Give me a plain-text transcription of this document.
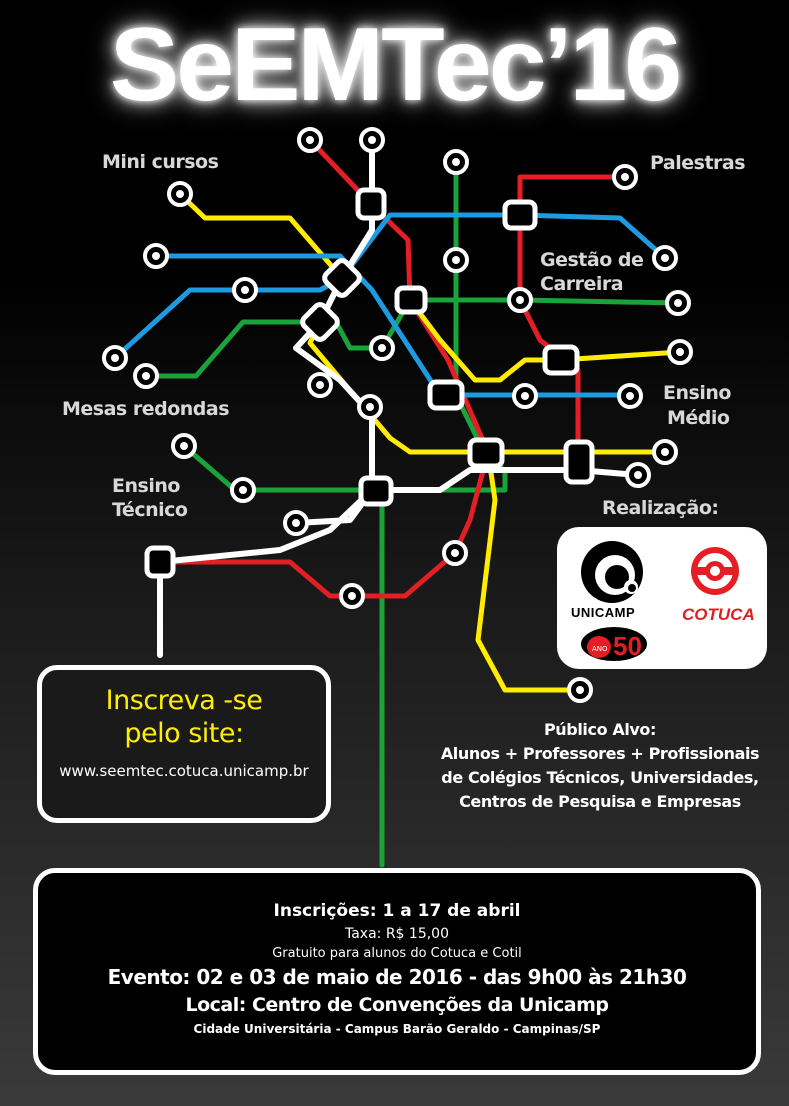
SeEMTec’16
Mini cursos	Palestras
Gestão de
Carreira
Ensino
Médio
Mesas redondas
Ensino
Técnico	Realização:
UNICAMP
ANO 50
COTUCA
Inscreva -se
pelo site:
www.seemtec.cotuca.unicamp.br
Público Alvo:
Alunos + Professores + Profissionais
de Colégios Técnicos, Universidades,
Centros de Pesquisa e Empresas
Inscrições: 1 a 17 de abril
Taxa: R$ 15,00
Gratuito para alunos do Cotuca e Cotil
Evento: 02 e 03 de maio de 2016 - das 9h00 às 21h30
Local: Centro de Convenções da Unicamp
Cidade Universitária - Campus Barão Geraldo - Campinas/SP
